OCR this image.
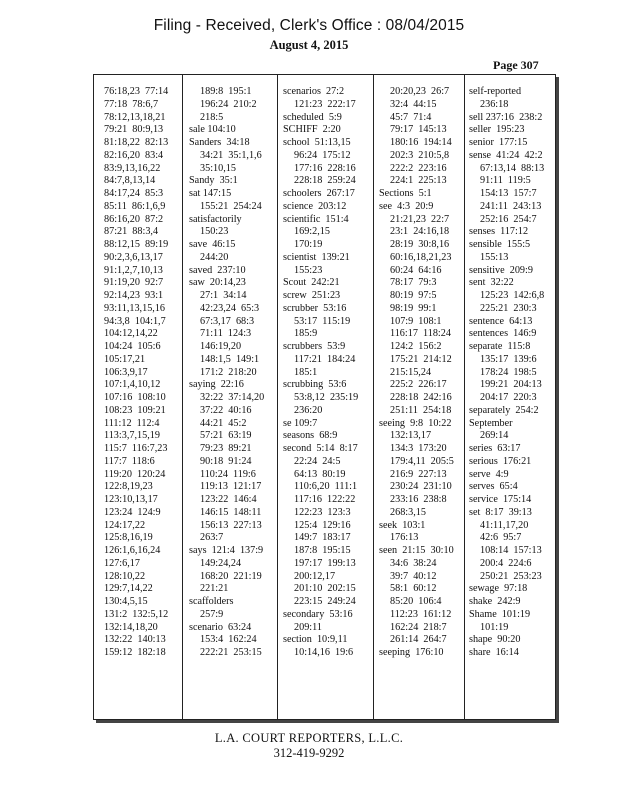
Filing - Received, Clerk's Office : 08/04/2015
August 4, 2015
Page 307
76:18,23  77:14
77:18  78:6,7
78:12,13,18,21
79:21  80:9,13
81:18,22  82:13
82:16,20  83:4
83:9,13,16,22
84:7,8,13,14
84:17,24  85:3
85:11  86:1,6,9
86:16,20  87:2
87:21  88:3,4
88:12,15  89:19
90:2,3,6,13,17
91:1,2,7,10,13
91:19,20  92:7
92:14,23  93:1
93:11,13,15,16
94:3,8  104:1,7
104:12,14,22
104:24  105:6
105:17,21
106:3,9,17
107:1,4,10,12
107:16  108:10
108:23  109:21
111:12  112:4
113:3,7,15,19
115:7  116:7,23
117:7  118:6
119:20  120:24
122:8,19,23
123:10,13,17
123:24  124:9
124:17,22
125:8,16,19
126:1,6,16,24
127:6,17
128:10,22
129:7,14,22
130:4,5,15
131:2  132:5,12
132:14,18,20
132:22  140:13
159:12  182:18
189:8  195:1
196:24  210:2
218:5
sale 104:10
Sanders  34:18
34:21  35:1,1,6
35:10,15
Sandy  35:1
sat 147:15
155:21  254:24
satisfactorily
150:23
save  46:15
244:20
saved  237:10
saw  20:14,23
27:1  34:14
42:23,24  65:3
67:3,17  68:3
71:11  124:3
146:19,20
148:1,5  149:1
171:2  218:20
saying  22:16
32:22  37:14,20
37:22  40:16
44:21  45:2
57:21  63:19
79:23  89:21
90:18  91:24
110:24  119:6
119:13  121:17
123:22  146:4
146:15  148:11
156:13  227:13
263:7
says  121:4  137:9
149:24,24
168:20  221:19
221:21
scaffolders
257:9
scenario  63:24
153:4  162:24
222:21  253:15
scenarios  27:2
121:23  222:17
scheduled  5:9
SCHIFF  2:20
school  51:13,15
96:24  175:12
177:16  228:16
228:18  259:24
schoolers  267:17
science  203:12
scientific  151:4
169:2,15
170:19
scientist  139:21
155:23
Scout  242:21
screw  251:23
scrubber  53:16
53:17  115:19
185:9
scrubbers  53:9
117:21  184:24
185:1
scrubbing  53:6
53:8,12  235:19
236:20
se 109:7
seasons  68:9
second  5:14  8:17
22:24  24:5
64:13  80:19
110:6,20  111:1
117:16  122:22
122:23  123:3
125:4  129:16
149:7  183:17
187:8  195:15
197:17  199:13
200:12,17
201:10  202:15
223:15  249:24
secondary  53:16
209:11
section  10:9,11
10:14,16  19:6
20:20,23  26:7
32:4  44:15
45:7  71:4
79:17  145:13
180:16  194:14
202:3  210:5,8
222:2  223:16
224:1  225:13
Sections  5:1
see  4:3  20:9
21:21,23  22:7
23:1  24:16,18
28:19  30:8,16
60:16,18,21,23
60:24  64:16
78:17  79:3
80:19  97:5
98:19  99:1
107:9  108:1
116:17  118:24
124:2  156:2
175:21  214:12
215:15,24
225:2  226:17
228:18  242:16
251:11  254:18
seeing  9:8  10:22
132:13,17
134:3  173:20
179:4,11  205:5
216:9  227:13
230:24  231:10
233:16  238:8
268:3,15
seek  103:1
176:13
seen  21:15  30:10
34:6  38:24
39:7  40:12
58:1  60:12
85:20  106:4
112:23  161:12
162:24  218:7
261:14  264:7
seeping  176:10
self-reported
236:18
sell 237:16  238:2
seller  195:23
senior  177:15
sense  41:24  42:2
67:13,14  88:13
91:11  119:5
154:13  157:7
241:11  243:13
252:16  254:7
senses  117:12
sensible  155:5
155:13
sensitive  209:9
sent  32:22
125:23  142:6,8
225:21  230:3
sentence  64:13
sentences  146:9
separate  115:8
135:17  139:6
178:24  198:5
199:21  204:13
204:17  220:3
separately  254:2
September
269:14
series  63:17
serious  176:21
serve  4:9
serves  65:4
service  175:14
set  8:17  39:13
41:11,17,20
42:6  95:7
108:14  157:13
200:4  224:6
250:21  253:23
sewage  97:18
shake  242:9
Shame  101:19
101:19
shape  90:20
share  16:14
L.A. COURT REPORTERS, L.L.C.
312-419-9292
